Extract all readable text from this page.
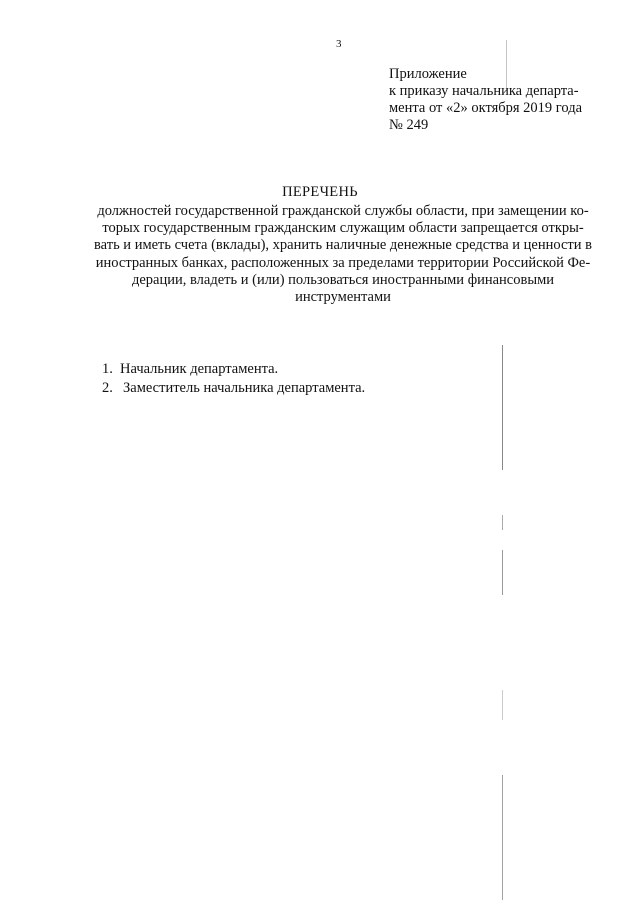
3
Приложение
к приказу начальника департа-
мента от «2» октября 2019 года
№ 249
ПЕРЕЧЕНЬ
должностей государственной гражданской службы области, при замещении ко-
торых государственным гражданским служащим области запрещается откры-
вать и иметь счета (вклады), хранить наличные денежные средства и ценности в
иностранных банках, расположенных за пределами территории Российской Фе-
дерации, владеть и (или) пользоваться иностранными финансовыми
инструментами
1. Начальник департамента.
2. Заместитель начальника департамента.
